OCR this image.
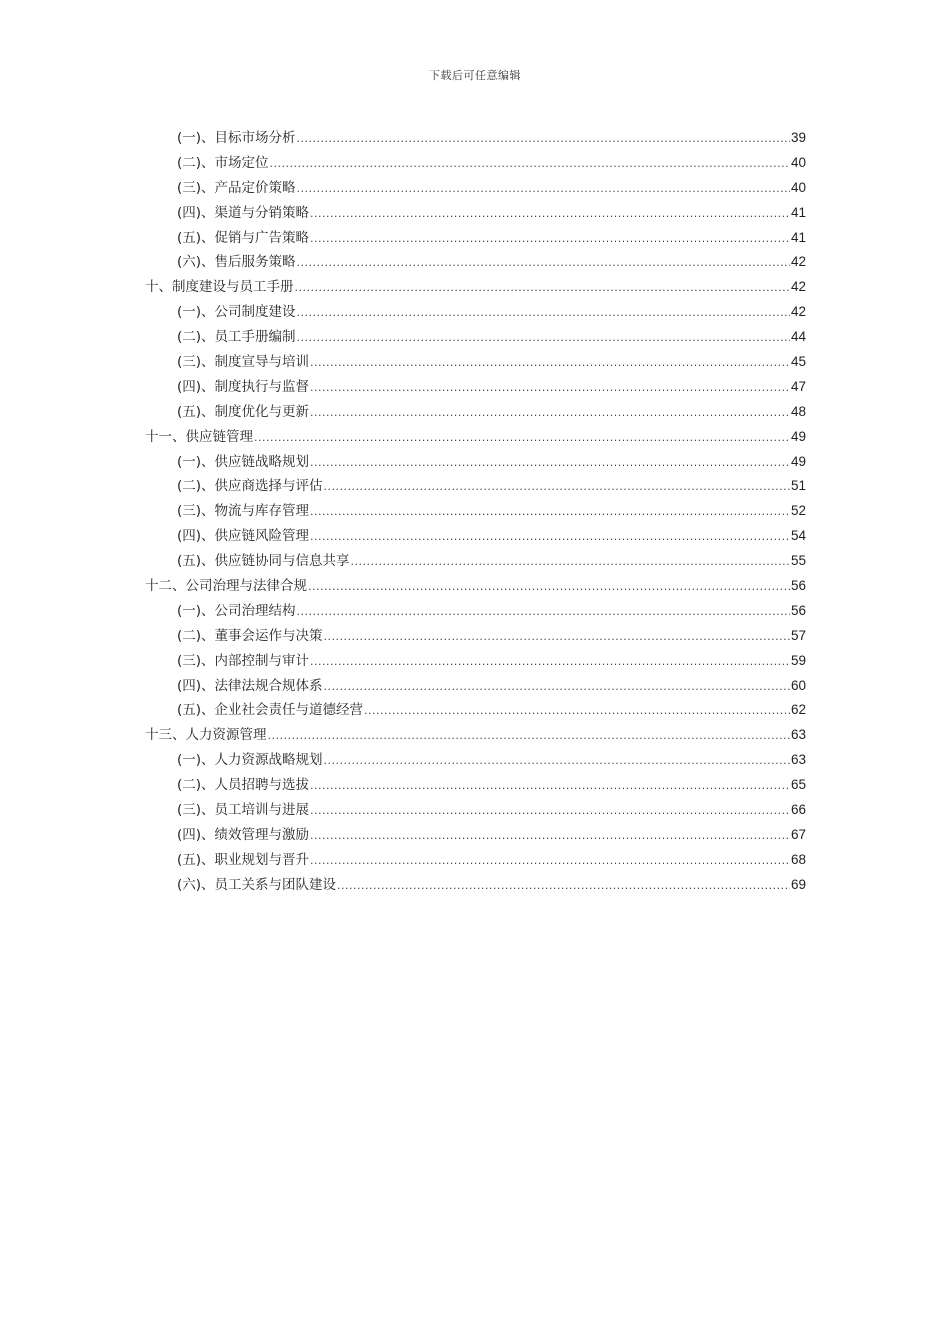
下载后可任意编辑
(一)、目标市场分析 .....	39
(二)、市场定位 .....	40
(三)、产品定价策略 .....	40
(四)、渠道与分销策略 .....	41
(五)、促销与广告策略 .....	41
(六)、售后服务策略 .....	42
十、制度建设与员工手册 .....	42
(一)、公司制度建设 .....	42
(二)、员工手册编制 .....	44
(三)、制度宣导与培训 .....	45
(四)、制度执行与监督 .....	47
(五)、制度优化与更新 .....	48
十一、供应链管理 .....	49
(一)、供应链战略规划 .....	49
(二)、供应商选择与评估 .....	51
(三)、物流与库存管理 .....	52
(四)、供应链风险管理 .....	54
(五)、供应链协同与信息共享 .....	55
十二、公司治理与法律合规 .....	56
(一)、公司治理结构 .....	56
(二)、董事会运作与决策 .....	57
(三)、内部控制与审计 .....	59
(四)、法律法规合规体系 .....	60
(五)、企业社会责任与道德经营 .....	62
十三、人力资源管理 .....	63
(一)、人力资源战略规划 .....	63
(二)、人员招聘与选拔 .....	65
(三)、员工培训与进展 .....	66
(四)、绩效管理与激励 .....	67
(五)、职业规划与晋升 .....	68
(六)、员工关系与团队建设 .....	69
